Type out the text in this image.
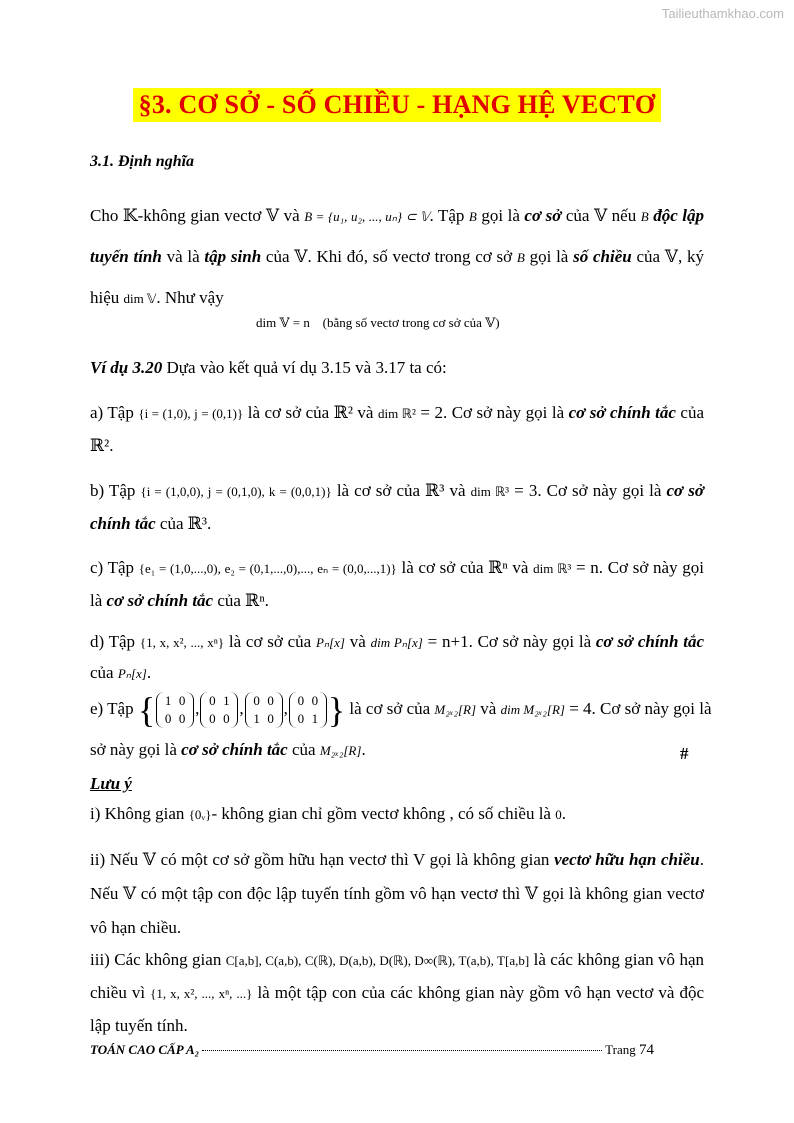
Tailieuthamkhao.com
§3. CƠ SỞ - SỐ CHIỀU - HẠNG HỆ VECTƠ
3.1. Định nghĩa
Cho 𝕂-không gian vectơ 𝕍 và B = {u₁, u₂, ..., uₙ} ⊂ 𝕍. Tập B gọi là cơ sở của 𝕍 nếu B độc lập tuyến tính và là tập sinh của 𝕍. Khi đó, số vectơ trong cơ sở B gọi là số chiều của 𝕍, ký hiệu dim 𝕍. Như vậy
dim 𝕍 = n (bằng số vectơ trong cơ sở của 𝕍)
Ví dụ 3.20 Dựa vào kết quả ví dụ 3.15 và 3.17 ta có:
a) Tập {i = (1,0), j = (0,1)} là cơ sở của ℝ² và dim ℝ² = 2. Cơ sở này gọi là cơ sở chính tắc của ℝ².
b) Tập {i = (1,0,0), j = (0,1,0), k = (0,0,1)} là cơ sở của ℝ³ và dim ℝ³ = 3. Cơ sở này gọi là cơ sở chính tắc của ℝ³.
c) Tập {e₁ = (1,0,...,0), e₂ = (0,1,...,0),..., eₙ = (0,0,...,1)} là cơ sở của ℝⁿ và dim ℝ³ = n. Cơ sở này gọi là cơ sở chính tắc của ℝⁿ.
d) Tập {1, x, x², ..., xⁿ} là cơ sở của Pₙ[x] và dim Pₙ[x] = n+1. Cơ sở này gọi là cơ sở chính tắc của Pₙ[x].
e) Tập { 1 0
0 0, 0 1
0 0, 0 0
1 0, 0 0
0 1 } là cơ sở của M₂ₓ₂[R] và dim M₂ₓ₂[R] = 4. Cơ sở này gọi là
sở này gọi là cơ sở chính tắc của M₂ₓ₂[R].	#
Lưu ý
i) Không gian {0ᵥ}- không gian chỉ gồm vectơ không , có số chiều là 0.
ii) Nếu 𝕍 có một cơ sở gồm hữu hạn vectơ thì V gọi là không gian vectơ hữu hạn chiều. Nếu 𝕍 có một tập con độc lập tuyến tính gồm vô hạn vectơ thì 𝕍 gọi là không gian vectơ vô hạn chiều.
iii) Các không gian C[a,b], C(a,b), C(ℝ), D(a,b), D(ℝ), D∞(ℝ), T(a,b), T[a,b] là các không gian vô hạn chiều vì {1, x, x², ..., xⁿ, ...} là một tập con của các không gian này gồm vô hạn vectơ và độc lập tuyến tính.
TOÁN CAO CẤP A₂	Trang 74
